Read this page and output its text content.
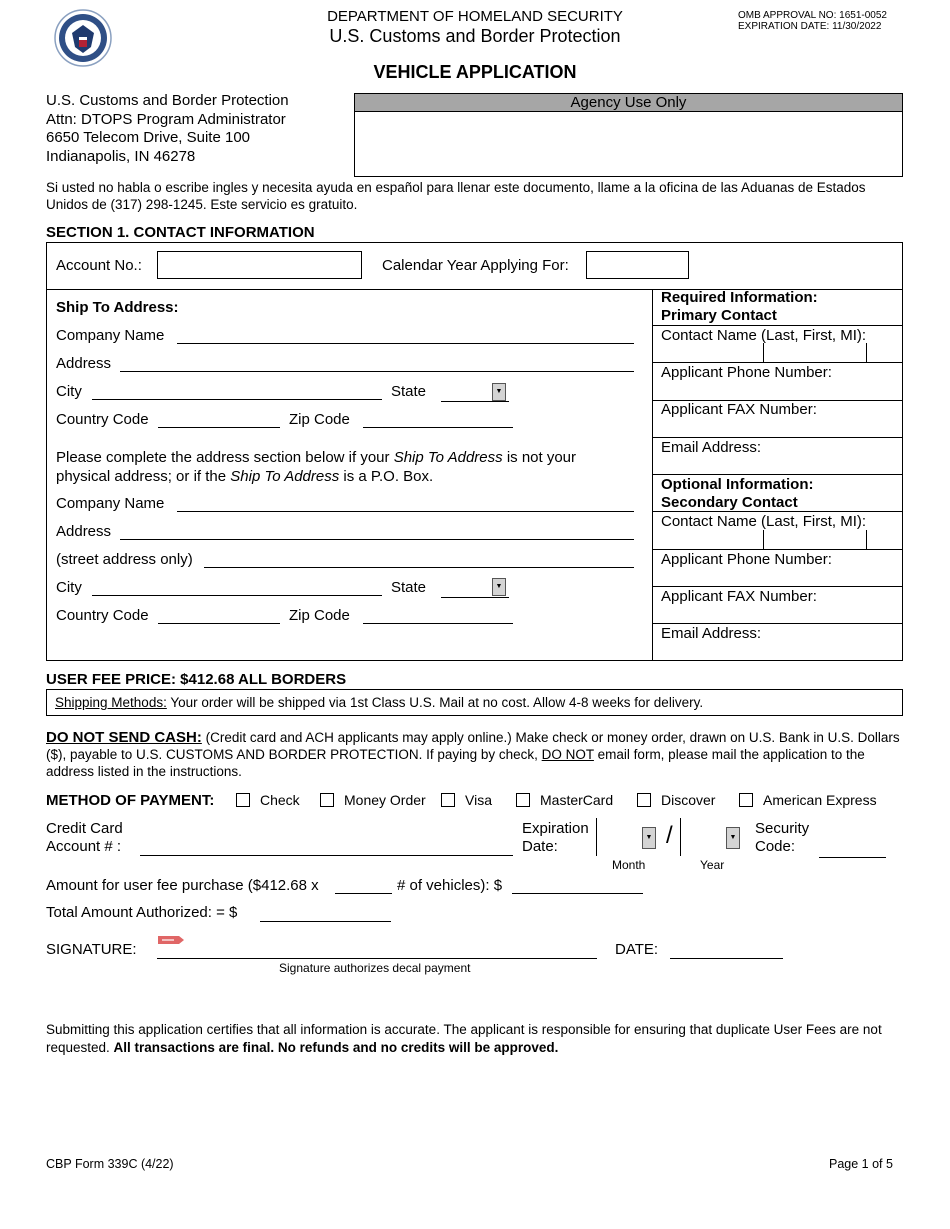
DEPARTMENT OF HOMELAND SECURITY
U.S. Customs and Border Protection
OMB APPROVAL NO: 1651-0052
EXPIRATION DATE: 11/30/2022
VEHICLE APPLICATION
U.S. Customs and Border Protection
Attn: DTOPS Program Administrator
6650 Telecom Drive, Suite 100
Indianapolis, IN 46278
Agency Use Only
Si usted no habla o escribe ingles y necesita ayuda en español para llenar este documento, llame a la oficina de las Aduanas de Estados Unidos de (317) 298-1245. Este servicio es gratuito.
SECTION 1. CONTACT INFORMATION
Account No.:	Calendar Year Applying For:
Ship To Address:
Company Name
Address
City	State	▼
Country Code	Zip Code
Please complete the address section below if your Ship To Address is not your physical address; or if the Ship To Address is a P.O. Box.
Company Name
Address
(street address only)
City	State	▼
Country Code	Zip Code
Required Information:
Primary Contact
Contact Name (Last, First, MI):
Applicant Phone Number:
Applicant FAX Number:
Email Address:
Optional Information:
Secondary Contact
Contact Name (Last, First, MI):
Applicant Phone Number:
Applicant FAX Number:
Email Address:
USER FEE PRICE: $412.68 ALL BORDERS
Shipping Methods: Your order will be shipped via 1st Class U.S. Mail at no cost. Allow 4-8 weeks for delivery.
DO NOT SEND CASH: (Credit card and ACH applicants may apply online.) Make check or money order, drawn on U.S. Bank in U.S. Dollars ($), payable to U.S. CUSTOMS AND BORDER PROTECTION. If paying by check, DO NOT email form, please mail the application to the address listed in the instructions.
METHOD OF PAYMENT:	Check	Money Order	Visa	MasterCard	Discover	American Express
Credit Card
Account # :
Expiration
Date:
▼ /	▼
Month	Year
Security
Code:
Amount for user fee purchase ($412.68 x	# of vehicles): $
Total Amount Authorized: = $
SIGNATURE:	DATE:
Signature authorizes decal payment
Submitting this application certifies that all information is accurate. The applicant is responsible for ensuring that duplicate User Fees are not requested. All transactions are final. No refunds and no credits will be approved.
CBP Form 339C (4/22)	Page 1 of 5
